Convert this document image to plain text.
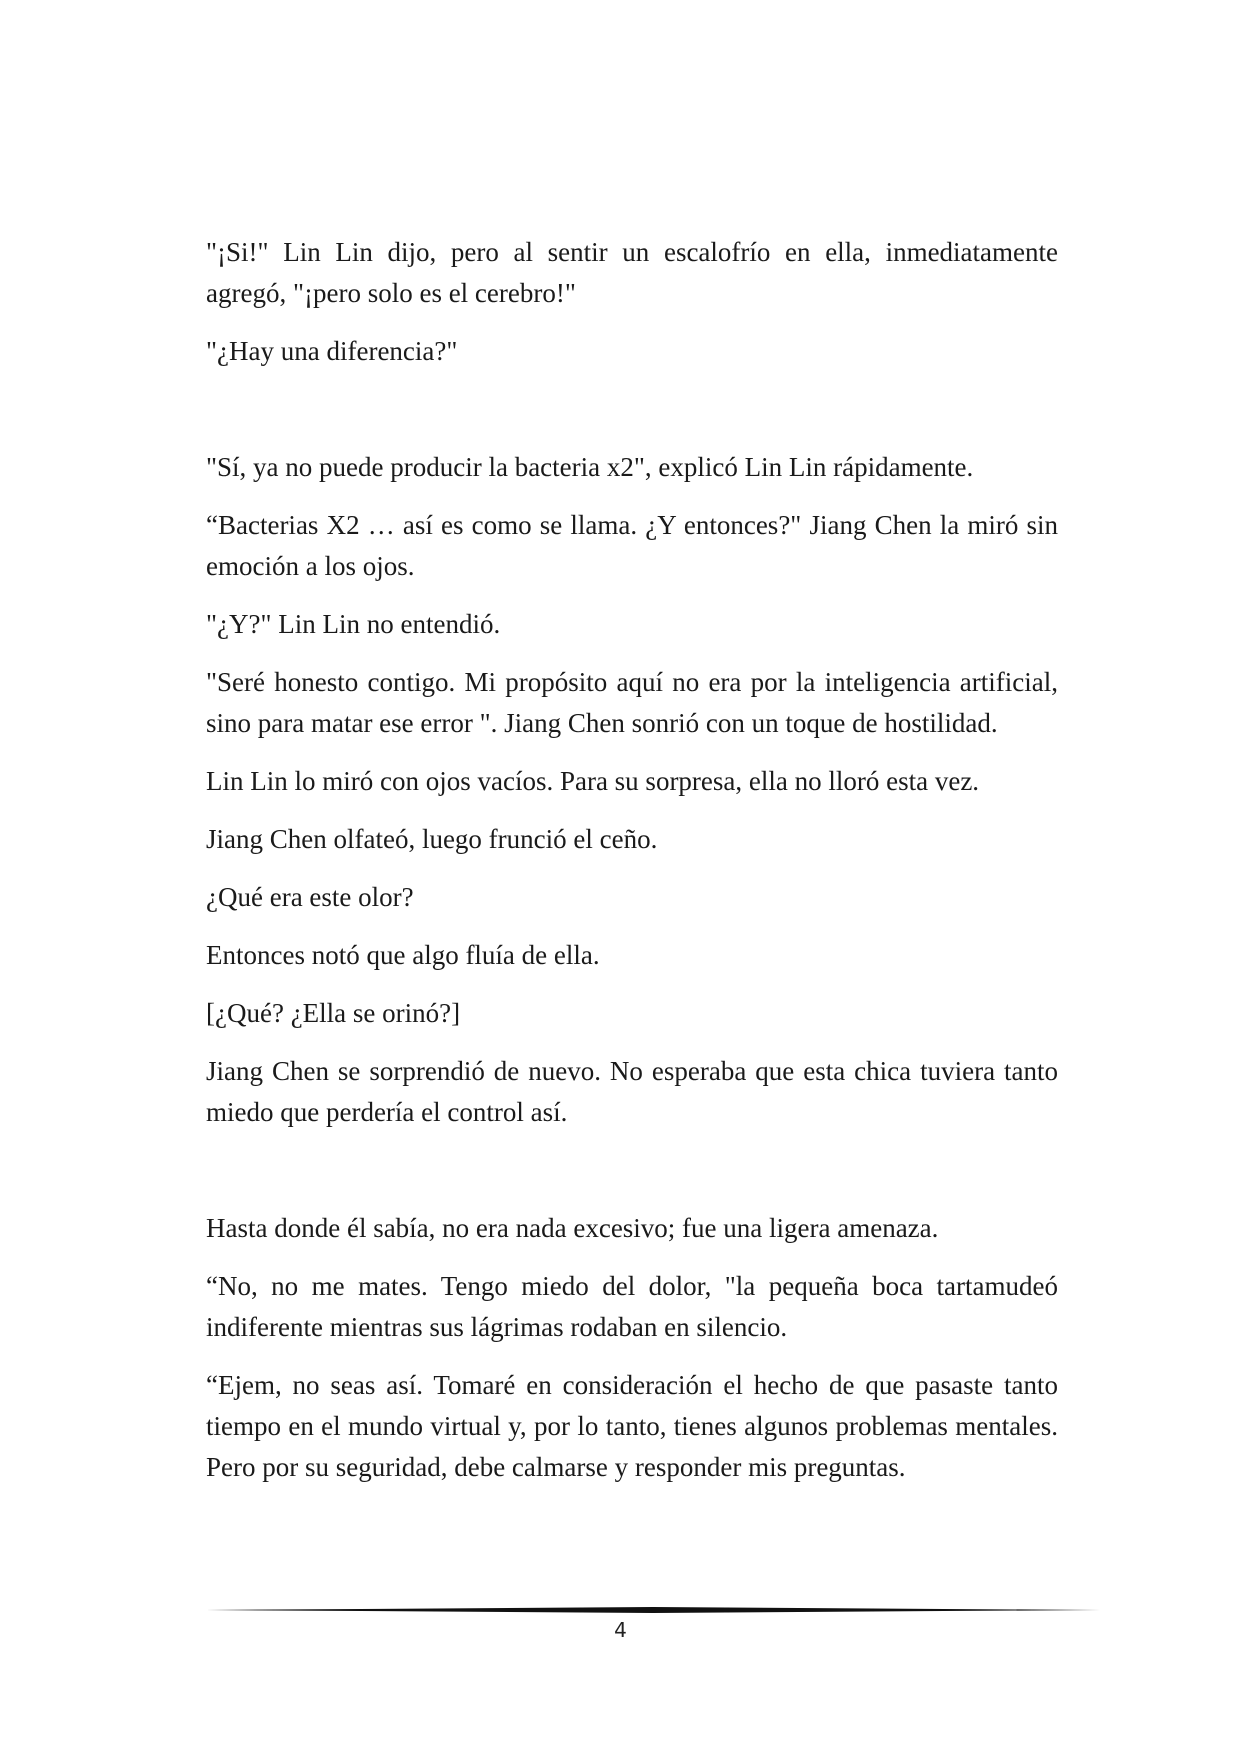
"¡Si!" Lin Lin dijo, pero al sentir un escalofrío en ella, inmediatamente agregó, "¡pero solo es el cerebro!"

"¿Hay una diferencia?"

"Sí, ya no puede producir la bacteria x2", explicó Lin Lin rápidamente.

“Bacterias X2 … así es como se llama. ¿Y entonces?" Jiang Chen la miró sin emoción a los ojos.

"¿Y?" Lin Lin no entendió.

"Seré honesto contigo. Mi propósito aquí no era por la inteligencia artificial, sino para matar ese error ". Jiang Chen sonrió con un toque de hostilidad.

Lin Lin lo miró con ojos vacíos. Para su sorpresa, ella no lloró esta vez.

Jiang Chen olfateó, luego frunció el ceño.

¿Qué era este olor?

Entonces notó que algo fluía de ella.

[¿Qué? ¿Ella se orinó?]

Jiang Chen se sorprendió de nuevo. No esperaba que esta chica tuviera tanto miedo que perdería el control así.

Hasta donde él sabía, no era nada excesivo; fue una ligera amenaza.

“No, no me mates. Tengo miedo del dolor, "la pequeña boca tartamudeó indiferente mientras sus lágrimas rodaban en silencio.

“Ejem, no seas así. Tomaré en consideración el hecho de que pasaste tanto tiempo en el mundo virtual y, por lo tanto, tienes algunos problemas mentales. Pero por su seguridad, debe calmarse y responder mis preguntas.

4
